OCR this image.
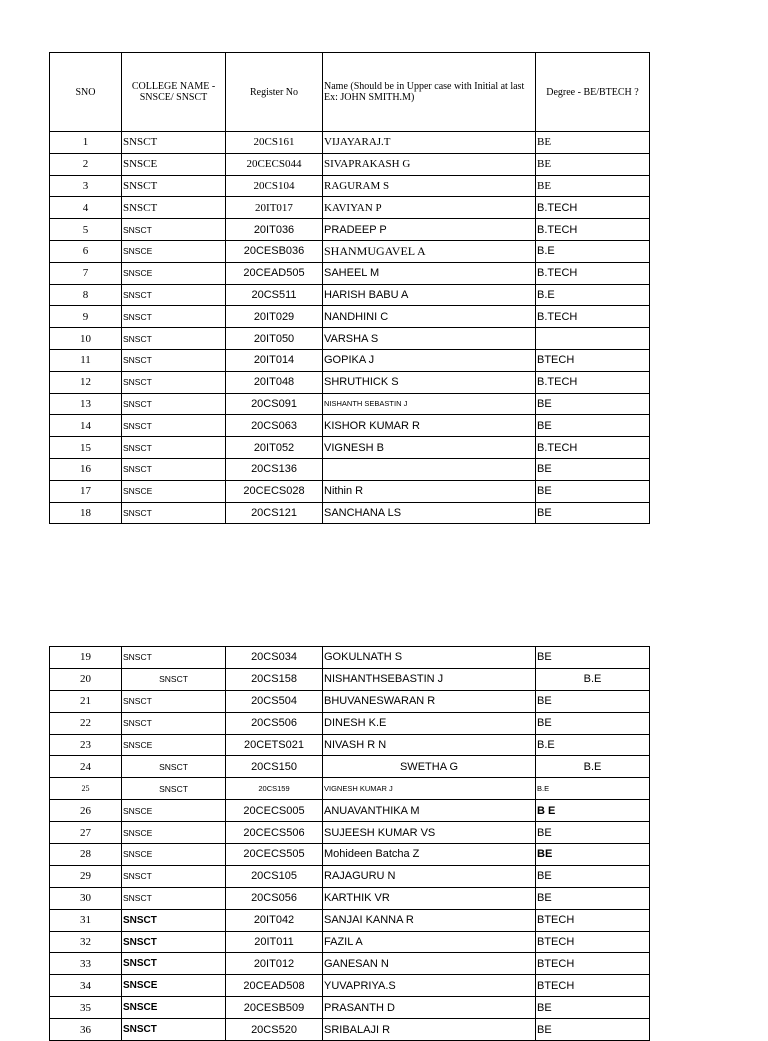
SNO	COLLEGE NAME - SNSCE/ SNSCT	Register No	Name (Should be in Upper case with Initial at last Ex: JOHN SMITH.M)	Degree - BE/BTECH ?
1	SNSCT	20CS161	VIJAYARAJ.T	BE
2	SNSCE	20CECS044	SIVAPRAKASH G	BE
3	SNSCT	20CS104	RAGURAM S	BE
4	SNSCT	20IT017	KAVIYAN P	B.TECH
5	SNSCT	20IT036	PRADEEP P	B.TECH
6	SNSCE	20CESB036	SHANMUGAVEL A	B.E
7	SNSCE	20CEAD505	SAHEEL M	B.TECH
8	SNSCT	20CS511	HARISH BABU A	B.E
9	SNSCT	20IT029	NANDHINI C	B.TECH
10	SNSCT	20IT050	VARSHA S	
11	SNSCT	20IT014	GOPIKA J	BTECH
12	SNSCT	20IT048	SHRUTHICK S	B.TECH
13	SNSCT	20CS091	NISHANTH SEBASTIN J	BE
14	SNSCT	20CS063	KISHOR KUMAR R	BE
15	SNSCT	20IT052	VIGNESH B	B.TECH
16	SNSCT	20CS136		BE
17	SNSCE	20CECS028	Nithin R	BE
18	SNSCT	20CS121	SANCHANA LS	BE
19	SNSCT	20CS034	GOKULNATH S	BE
20	SNSCT	20CS158	NISHANTHSEBASTIN J	B.E
21	SNSCT	20CS504	BHUVANESWARAN R	BE
22	SNSCT	20CS506	DINESH K.E	BE
23	SNSCE	20CETS021	NIVASH R N	B.E
24	SNSCT	20CS150	SWETHA G	B.E
25	SNSCT	20CS159	VIGNESH KUMAR J	B.E
26	SNSCE	20CECS005	ANUAVANTHIKA M	B E
27	SNSCE	20CECS506	SUJEESH KUMAR VS	BE
28	SNSCE	20CECS505	Mohideen Batcha Z	BE
29	SNSCT	20CS105	RAJAGURU N	BE
30	SNSCT	20CS056	KARTHIK VR	BE
31	SNSCT	20IT042	SANJAI KANNA R	BTECH
32	SNSCT	20IT011	FAZIL A	BTECH
33	SNSCT	20IT012	GANESAN N	BTECH
34	SNSCE	20CEAD508	YUVAPRIYA.S	BTECH
35	SNSCE	20CESB509	PRASANTH D	BE
36	SNSCT	20CS520	SRIBALAJI R	BE
